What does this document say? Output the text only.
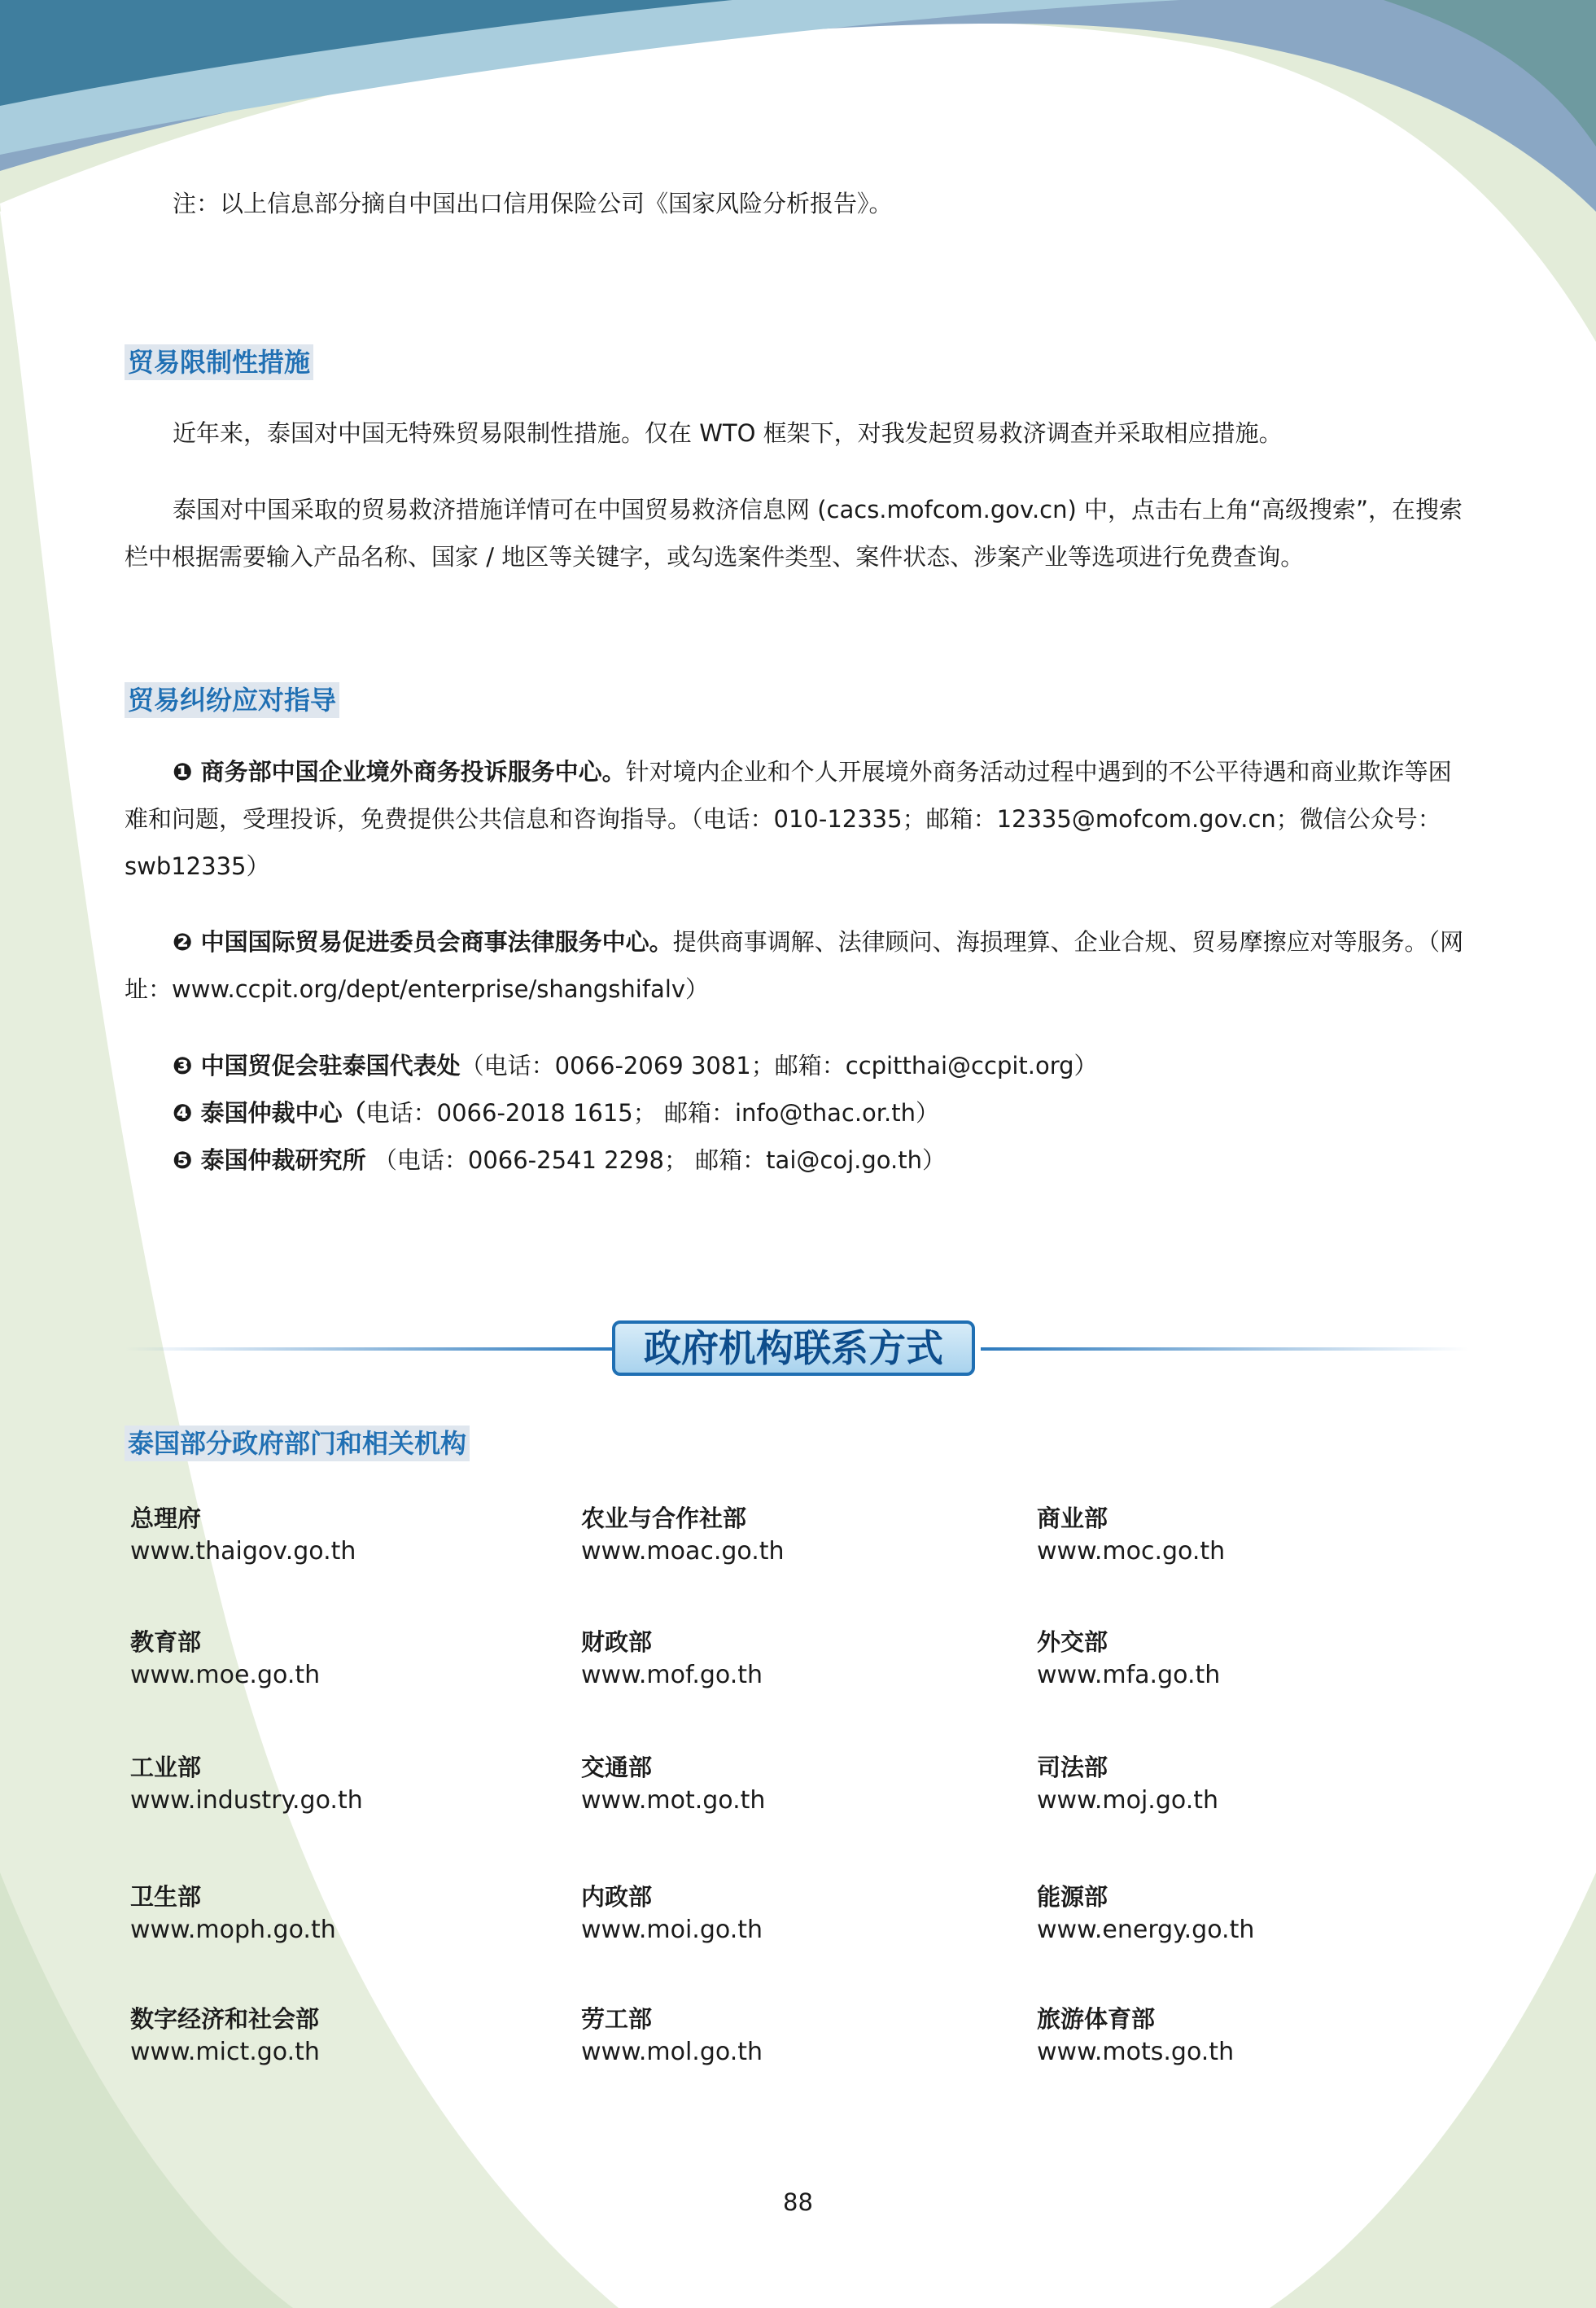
注：以上信息部分摘自中国出口信用保险公司《国家风险分析报告》。
贸易限制性措施

近年来，泰国对中国无特殊贸易限制性措施。仅在 WTO 框架下，对我发起贸易救济调查并采取相应措施。

泰国对中国采取的贸易救济措施详情可在中国贸易救济信息网 (cacs.mofcom.gov.cn) 中，点击右上角“高级搜索”，在搜索栏中根据需要输入产品名称、国家 / 地区等关键字，或勾选案件类型、案件状态、涉案产业等选项进行免费查询。

贸易纠纷应对指导

❶ 商务部中国企业境外商务投诉服务中心。针对境内企业和个人开展境外商务活动过程中遇到的不公平待遇和商业欺诈等困难和问题，受理投诉，免费提供公共信息和咨询指导。（电话：010-12335；邮箱：12335@mofcom.gov.cn；微信公众号：swb12335）

❷ 中国国际贸易促进委员会商事法律服务中心。提供商事调解、法律顾问、海损理算、企业合规、贸易摩擦应对等服务。（网址：www.ccpit.org/dept/enterprise/shangshifalv）

❸ 中国贸促会驻泰国代表处（电话：0066-2069 3081；邮箱：ccpitthai@ccpit.org）
❹ 泰国仲裁中心（电话：0066-2018 1615； 邮箱：info@thac.or.th）
❺ 泰国仲裁研究所 （电话：0066-2541 2298； 邮箱：tai@coj.go.th）
政府机构联系方式
泰国部分政府部门和相关机构
总理府
www.thaigov.go.th
农业与合作社部
www.moac.go.th
商业部
www.moc.go.th
教育部
www.moe.go.th
财政部
www.mof.go.th
外交部
www.mfa.go.th
工业部
www.industry.go.th
交通部
www.mot.go.th
司法部
www.moj.go.th
卫生部
www.moph.go.th
内政部
www.moi.go.th
能源部
www.energy.go.th
数字经济和社会部
www.mict.go.th
劳工部
www.mol.go.th
旅游体育部
www.mots.go.th
88
